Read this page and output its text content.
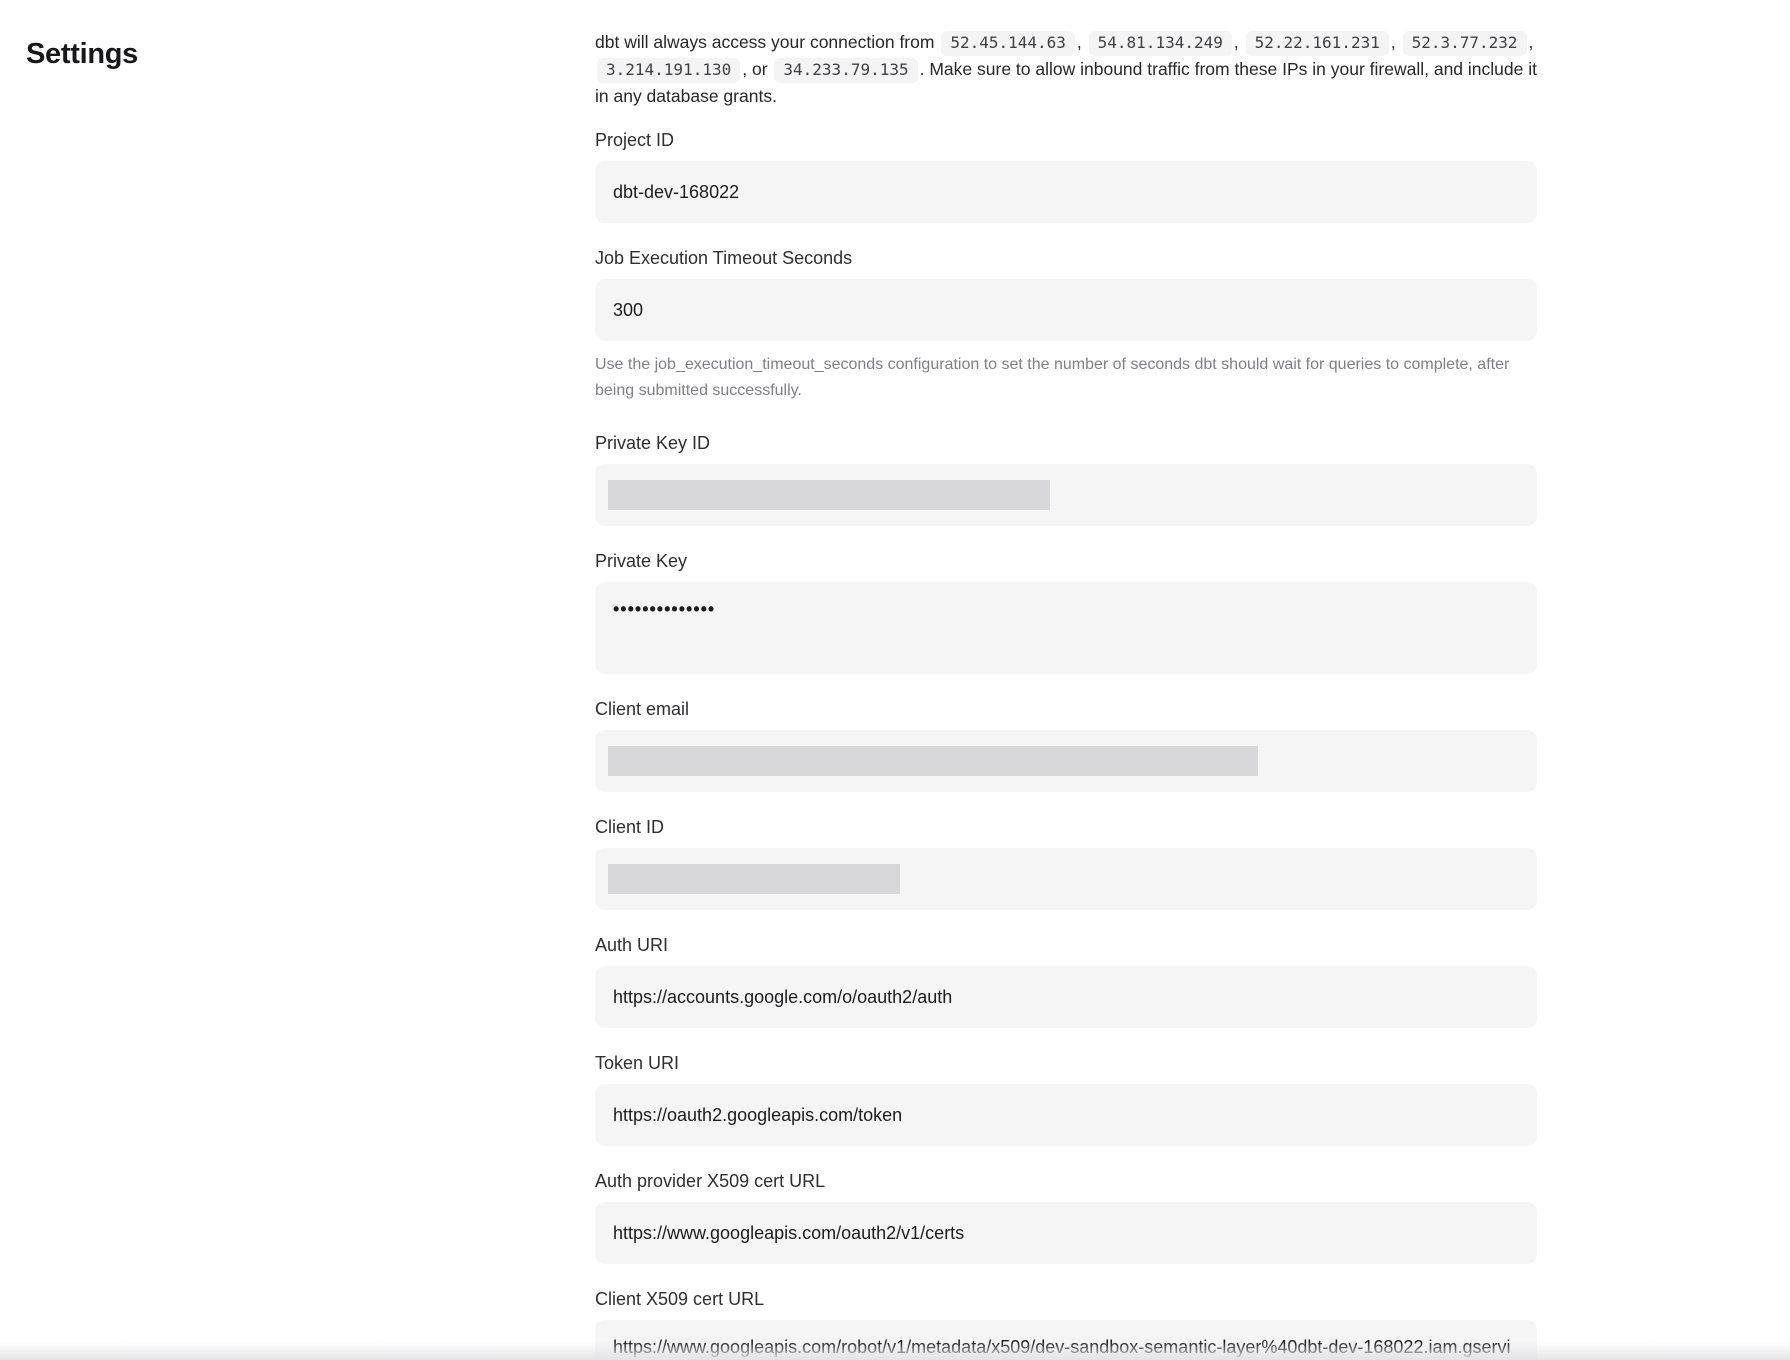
Settings	dbt will always access your connection from 52.45.144.63 , 54.81.134.249 , 52.22.161.231 , 52.3.77.232 , 3.214.191.130 , or 34.233.79.135 . Make sure to allow inbound traffic from these IPs in your firewall, and include it in any database grants.

Project ID
dbt-dev-168022
Job Execution Timeout Seconds
300

Use the job_execution_timeout_seconds configuration to set the number of seconds dbt should wait for queries to complete, after being submitted successfully.

Private Key ID
Private Key
••••••••••••••
Client email
Client ID
Auth URI
https://accounts.google.com/o/oauth2/auth
Token URI
https://oauth2.googleapis.com/token
Auth provider X509 cert URL
https://www.googleapis.com/oauth2/v1/certs
Client X509 cert URL
https://www.googleapis.com/robot/v1/metadata/x509/dev-sandbox-semantic-layer%40dbt-dev-168022.iam.gserviceaccount.com
